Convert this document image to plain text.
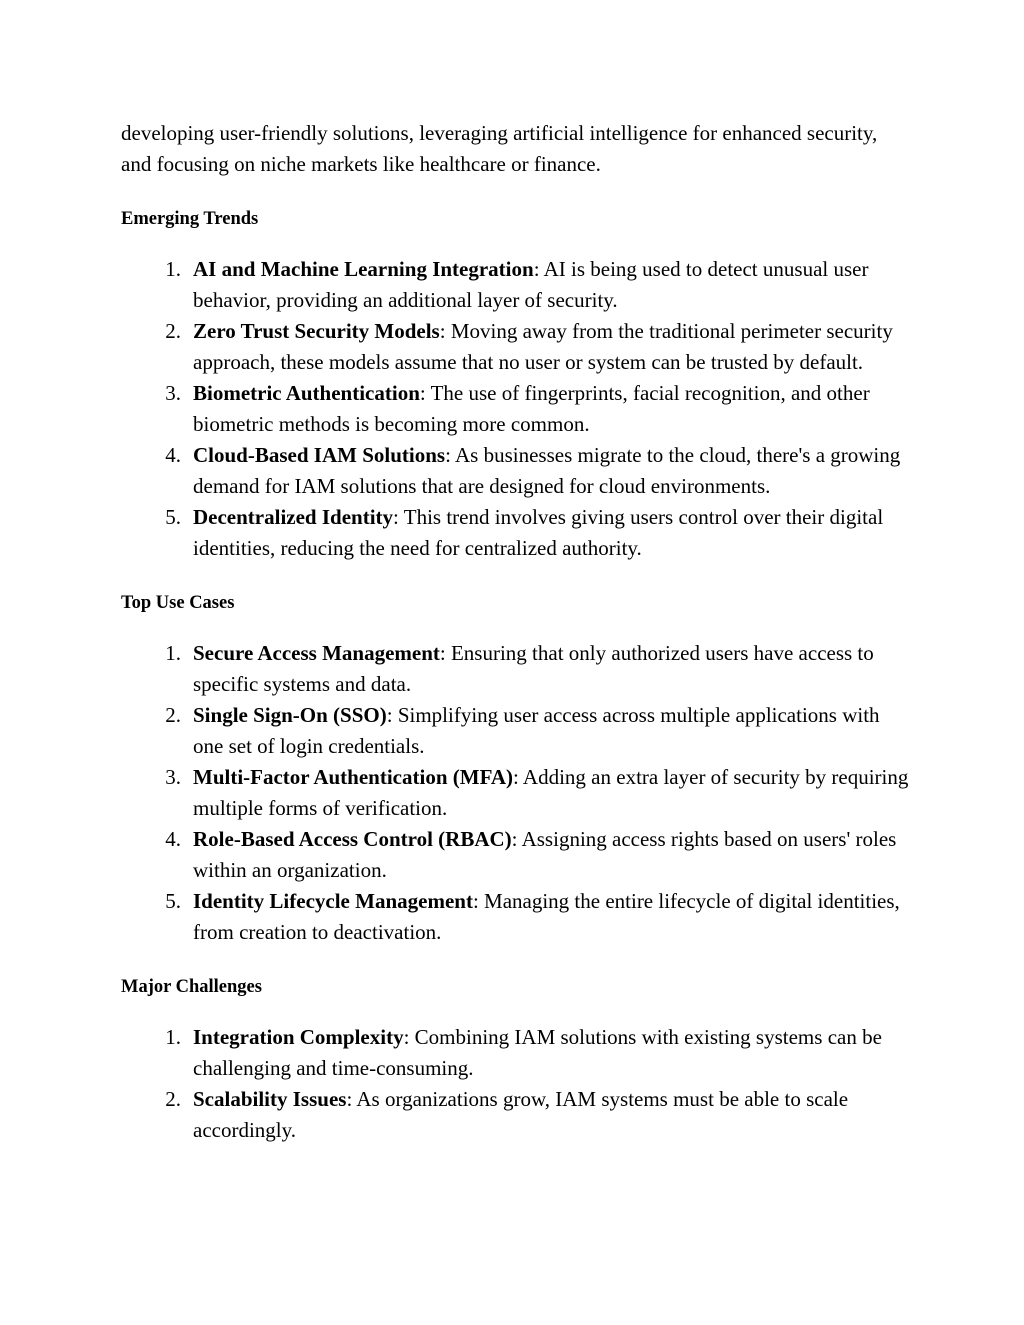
developing user-friendly solutions, leveraging artificial intelligence for enhanced security, and focusing on niche markets like healthcare or finance.

Emerging Trends
1. AI and Machine Learning Integration: AI is being used to detect unusual user behavior, providing an additional layer of security.
2. Zero Trust Security Models: Moving away from the traditional perimeter security approach, these models assume that no user or system can be trusted by default.
3. Biometric Authentication: The use of fingerprints, facial recognition, and other biometric methods is becoming more common.
4. Cloud-Based IAM Solutions: As businesses migrate to the cloud, there's a growing demand for IAM solutions that are designed for cloud environments.
5. Decentralized Identity: This trend involves giving users control over their digital identities, reducing the need for centralized authority.
Top Use Cases
1. Secure Access Management: Ensuring that only authorized users have access to specific systems and data.
2. Single Sign-On (SSO): Simplifying user access across multiple applications with one set of login credentials.
3. Multi-Factor Authentication (MFA): Adding an extra layer of security by requiring multiple forms of verification.
4. Role-Based Access Control (RBAC): Assigning access rights based on users' roles within an organization.
5. Identity Lifecycle Management: Managing the entire lifecycle of digital identities, from creation to deactivation.
Major Challenges
1. Integration Complexity: Combining IAM solutions with existing systems can be challenging and time-consuming.
2. Scalability Issues: As organizations grow, IAM systems must be able to scale accordingly.
